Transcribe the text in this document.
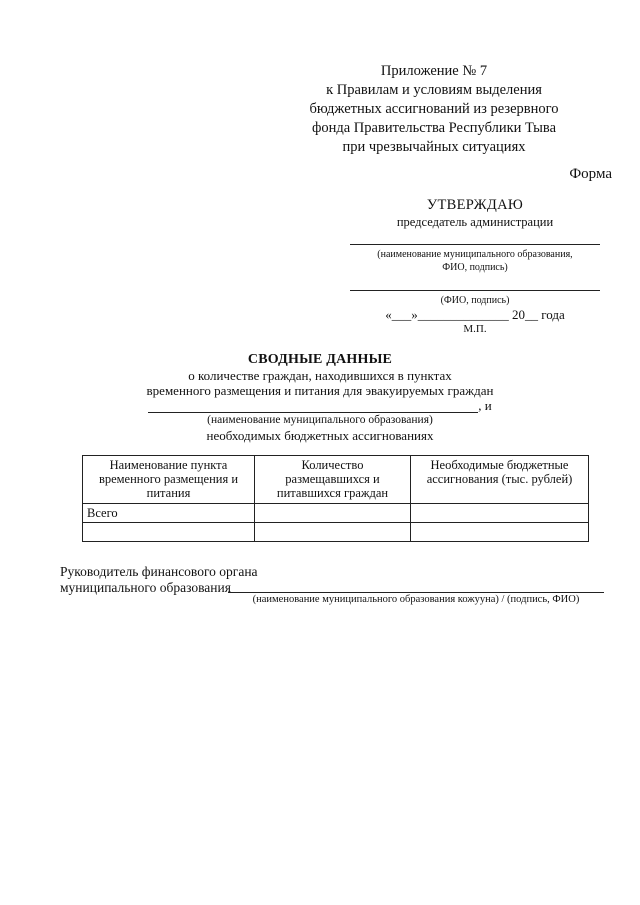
Приложение № 7
к Правилам и условиям выделения
бюджетных ассигнований из резервного
фонда Правительства Республики Тыва
при чрезвычайных ситуациях
Форма
УТВЕРЖДАЮ
председатель администрации
(наименование муниципального образования,
ФИО, подпись)
(ФИО, подпись)
«___»______________ 20__ года
М.П.
СВОДНЫЕ ДАННЫЕ
о количестве граждан, находившихся в пунктах
временного размещения и питания для эвакуируемых граждан
, и
(наименование муниципального образования)
необходимых бюджетных ассигнованиях
Наименование пункта временного размещения и питания	Количество размещавшихся и питавшихся граждан	Необходимые бюджетные ассигнования (тыс. рублей)
Всего		

Руководитель финансового органа
муниципального образования
(наименование муниципального образования кожууна) / (подпись, ФИО)
